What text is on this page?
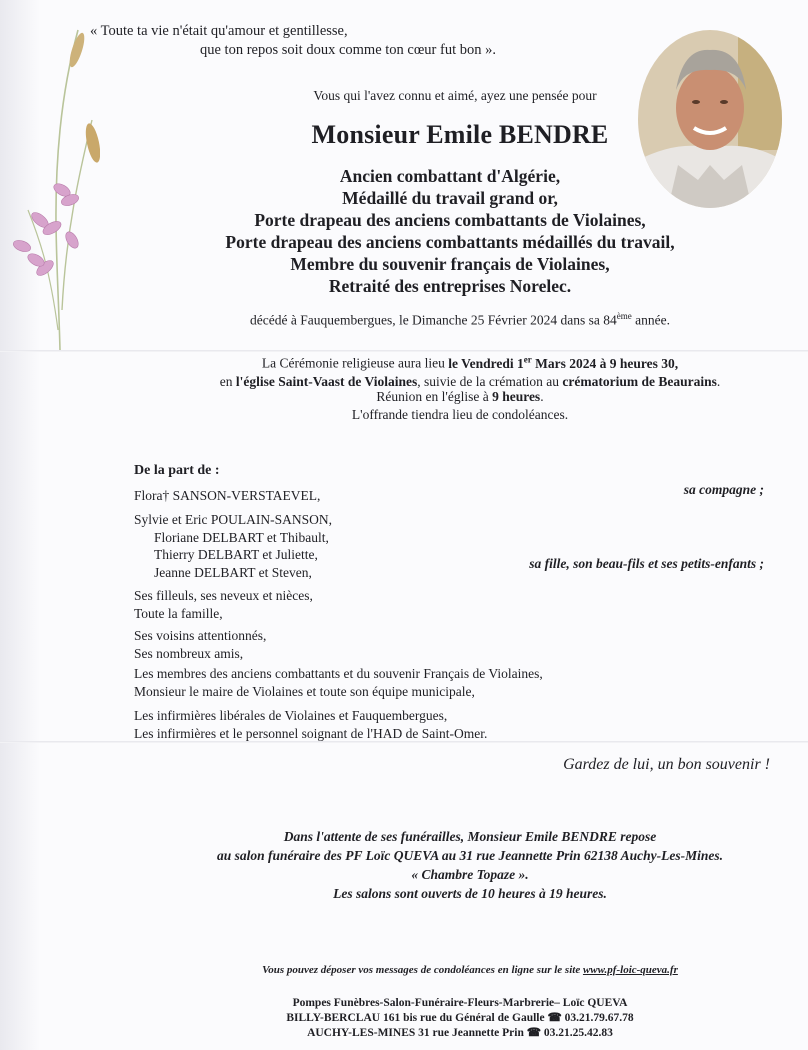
« Toute ta vie n'était qu'amour et gentillesse,
que ton repos soit doux comme ton cœur fut bon ».
Vous qui l'avez connu et aimé, ayez une pensée pour
Monsieur Emile BENDRE
Ancien combattant d'Algérie,
Médaillé du travail grand or,
Porte drapeau des anciens combattants de Violaines,
Porte drapeau des anciens combattants médaillés du travail,
Membre du souvenir français de Violaines,
Retraité des entreprises Norelec.
décédé à Fauquembergues, le Dimanche 25 Février 2024 dans sa 84ème année.
La Cérémonie religieuse aura lieu le Vendredi 1er Mars 2024 à 9 heures 30,
en l'église Saint-Vaast de Violaines, suivie de la crémation au crématorium de Beaurains.
Réunion en l'église à 9 heures.
L'offrande tiendra lieu de condoléances.
De la part de :
Flora† SANSON-VERSTAEVEL,	sa compagne ;
Sylvie et Eric POULAIN-SANSON,
Floriane DELBART et Thibault,
Thierry DELBART et Juliette,
Jeanne DELBART et Steven,
sa fille, son beau-fils et ses petits-enfants ;
Ses filleuls, ses neveux et nièces,
Toute la famille,
Ses voisins attentionnés,
Ses nombreux amis,
Les membres des anciens combattants et du souvenir Français de Violaines,
Monsieur le maire de Violaines et toute son équipe municipale,
Les infirmières libérales de Violaines et Fauquembergues,
Les infirmières et le personnel soignant de l'HAD de Saint-Omer.
Gardez de lui, un bon souvenir !
Dans l'attente de ses funérailles, Monsieur Emile BENDRE repose
au salon funéraire des PF Loïc QUEVA au 31 rue Jeannette Prin 62138 Auchy-Les-Mines.
« Chambre Topaze ».
Les salons sont ouverts de 10 heures à 19 heures.
Vous pouvez déposer vos messages de condoléances en ligne sur le site www.pf-loic-queva.fr
Pompes Funèbres-Salon-Funéraire-Fleurs-Marbrerie– Loïc QUEVA
BILLY-BERCLAU 161 bis rue du Général de Gaulle ☎ 03.21.79.67.78
AUCHY-LES-MINES 31 rue Jeannette Prin ☎ 03.21.25.42.83
